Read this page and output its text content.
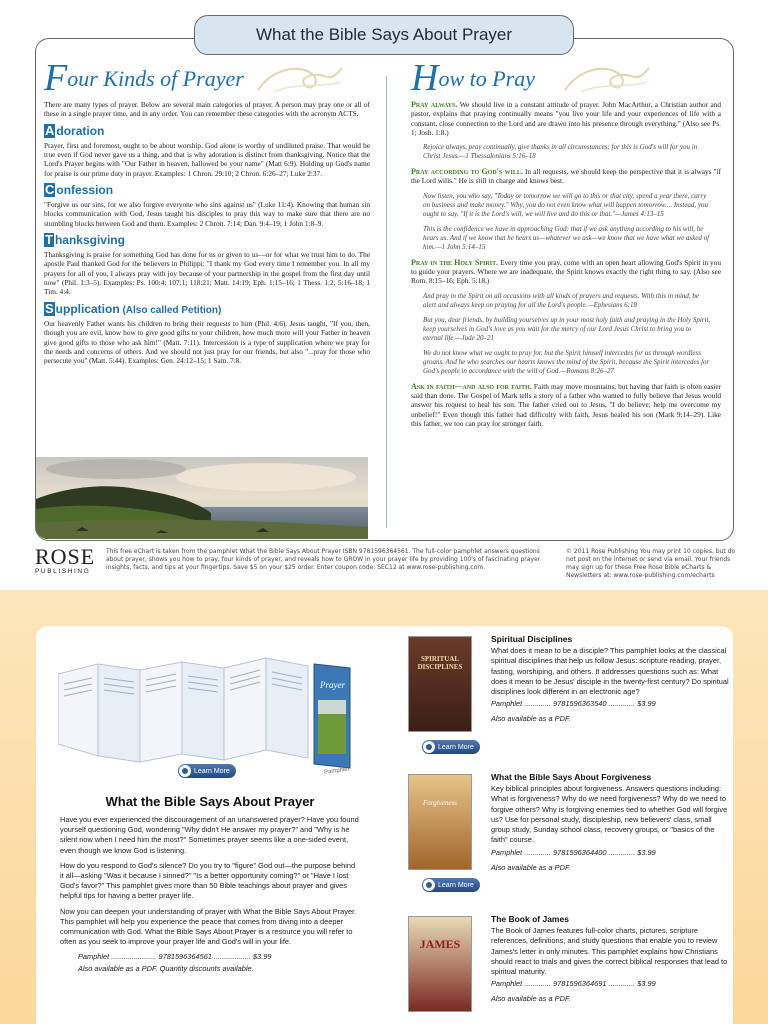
What the Bible Says About Prayer
Four Kinds of Prayer

There are many types of prayer. Below are several main categories of prayer. A person may pray one or all of these in a single prayer time, and in any order. You can remember these categories with the acronym ACTS.

A doration

Prayer, first and foremost, ought to be about worship. God alone is worthy of undiluted praise. That would be true even if God never gave us a thing, and that is why adoration is distinct from thanksgiving. Notice that the Lord's Prayer begins with "Our Father in heaven, hallowed be your name" (Matt 6:9). Holding up God's name for praise is our prime duty in prayer. Examples: 1 Chron. 29:10; 2 Chron. 6:26–27; Luke 2:37.

C onfession

"Forgive us our sins, for we also forgive everyone who sins against us" (Luke 11:4). Knowing that human sin blocks communication with God, Jesus taught his disciples to pray this way to make sure that there are no stumbling blocks between God and them. Examples: 2 Chron. 7:14; Dan. 9:4–19; 1 John 1:8–9.

T hanksgiving

Thanksgiving is praise for something God has done for us or given to us—or for what we trust him to do. The apostle Paul thanked God for the believers in Philippi: "I thank my God every time I remember you. In all my prayers for all of you, I always pray with joy because of your partnership in the gospel from the first day until now" (Phil. 1:3–5). Examples: Ps. 100:4; 107:1; 118:21; Matt. 14:19; Eph. 1:15–16; 1 Thess. 1:2; 5:16–18; 1 Tim. 4:4.

S upplication (Also called Petition)

Our heavenly Father wants his children to bring their requests to him (Phil. 4:6). Jesus taught, "If you, then, though you are evil, know how to give good gifts to your children, how much more will your Father in heaven give good gifts to those who ask him!" (Matt. 7:11). Intercession is a type of supplication where we pray for the needs and concerns of others. And we should not just pray for our friends, but also "...pray for those who persecute you" (Matt. 5:44). Examples: Gen. 24:12–15; 1 Sam. 7:8.

How to Pray

Pray always. We should live in a constant attitude of prayer. John MacArthur, a Christian author and pastor, explains that praying continually means "you live your life and your experiences of life with a constant, close connection to the Lord and are drawn into his presence through everything." (Also see Ps. 1; Josh. 1:8.)

Rejoice always, pray continually, give thanks in all circumstances; for this is God's will for you in Christ Jesus.—1 Thessalonians 5:16–18

Pray according to God's will. In all requests, we should keep the perspective that it is always "if the Lord wills." He is still in charge and knows best.

Now listen, you who say, "Today or tomorrow we will go to this or that city, spend a year there, carry on business and make money." Why, you do not even know what will happen tomorrow.... Instead, you ought to say, "If it is the Lord's will, we will live and do this or that."—James 4:13–15

This is the confidence we have in approaching God: that if we ask anything according to his will, he hears us. And if we know that he hears us—whatever we ask—we know that we have what we asked of him.—1 John 5:14–15

Pray in the Holy Spirit. Every time you pray, come with an open heart allowing God's Spirit in you to guide your prayers. Where we are inadequate, the Spirit knows exactly the right thing to say. (Also see Rom. 8:15–16; Eph. 5:18.)

And pray in the Spirit on all occasions with all kinds of prayers and requests. With this in mind, be alert and always keep on praying for all the Lord's people.—Ephesians 6:18

But you, dear friends, by building yourselves up in your most holy faith and praying in the Holy Spirit, keep yourselves in God's love as you wait for the mercy of our Lord Jesus Christ to bring you to eternal life.—Jude 20–21

We do not know what we ought to pray for, but the Spirit himself intercedes for us through wordless groans. And he who searches our hearts knows the mind of the Spirit, because the Spirit intercedes for God's people in accordance with the will of God.—Romans 8:26–27

Ask in faith—and also for faith. Faith may move mountains, but having that faith is often easier said than done. The Gospel of Mark tells a story of a father who wanted to fully believe that Jesus would answer his request to heal his son. The father cried out to Jesus, "I do believe; help me overcome my unbelief!" Even though this father had difficulty with faith, Jesus healed his son (Mark 9:14–29). Like this father, we too can pray for stronger faith.

ROSE
PUBLISHING
This free eChart is taken from the pamphlet What the Bible Says About Prayer ISBN 9781596364561. The full-color pamphlet answers questions about prayer, shows you how to pray, four kinds of prayer, and reveals how to GROW in your prayer life by providing 100's of fascinating prayer insights, facts, and tips at your fingertips. Save $5 on your $25 order. Enter coupon code: SEC12 at www.rose-publishing.com.
© 2011 Rose Publishing You may print 10 copies, but do not post on the internet or send via email. Your friends may sign up for these Free Rose Bible eCharts & Newsletters at: www.rose-publishing.com/echarts
Prayer
Pamphlet
Learn More
What the Bible Says About Prayer

Have you ever experienced the discouragement of an unanswered prayer? Have you found yourself questioning God, wondering "Why didn't He answer my prayer?" and "Why is he silent now when I need him the most?" Sometimes prayer seems like a one-sided event, even though we know God is listening.

How do you respond to God's silence? Do you try to "figure" God out—the purpose behind it all—asking "Was it because I sinned?" "Is a better opportunity coming?" or "Have I lost God's favor?" This pamphlet gives more than 50 Bible teachings about prayer and gives helpful tips for having a better prayer life.

Now you can deepen your understanding of prayer with What the Bible Says About Prayer. This pamphlet will help you experience the peace that comes from diving into a deeper communication with God. What the Bible Says About Prayer is a resource you will refer to often as you seek to improve your prayer life and God's will in your life.

Pamphlet ...................... 9781596364561 .................. $3.99
Also available as a PDF. Quantity discounts available.
SPIRITUAL DISCIPLINES
Learn More
Spiritual Disciplines

What does it mean to be a disciple? This pamphlet looks at the classical spiritual disciplines that help us follow Jesus: scripture reading, prayer, fasting, worshiping, and others. It addresses questions such as: What does it mean to be Jesus' disciple in the twenty-first century? Do spiritual disciplines look different in an electronic age?

Pamphlet ............. 9781596363540 ............. $3.99
Also available as a PDF.
Forgiveness
Learn More
What the Bible Says About Forgiveness

Key biblical principles about forgiveness. Answers questions including: What is forgiveness? Why do we need forgiveness? Why do we need to forgive others? Why is forgiving enemies tied to whether God will forgive us? Use for personal study, discipleship, new believers' class, small group study, Sunday school class, recovery groups, or "basics of the faith" course.

Pamphlet ............. 9781596364400 ............. $3.99
Also available as a PDF.
JAMES
The Book of James

The Book of James features full-color charts, pictures, scripture references, definitions, and study questions that enable you to review James's letter in only minutes. This pamphlet explains how Christians should react to trials and gives the correct biblical responses that lead to spiritual maturity.

Pamphlet ............. 9781596364691 ............. $3.99
Also available as a PDF.
